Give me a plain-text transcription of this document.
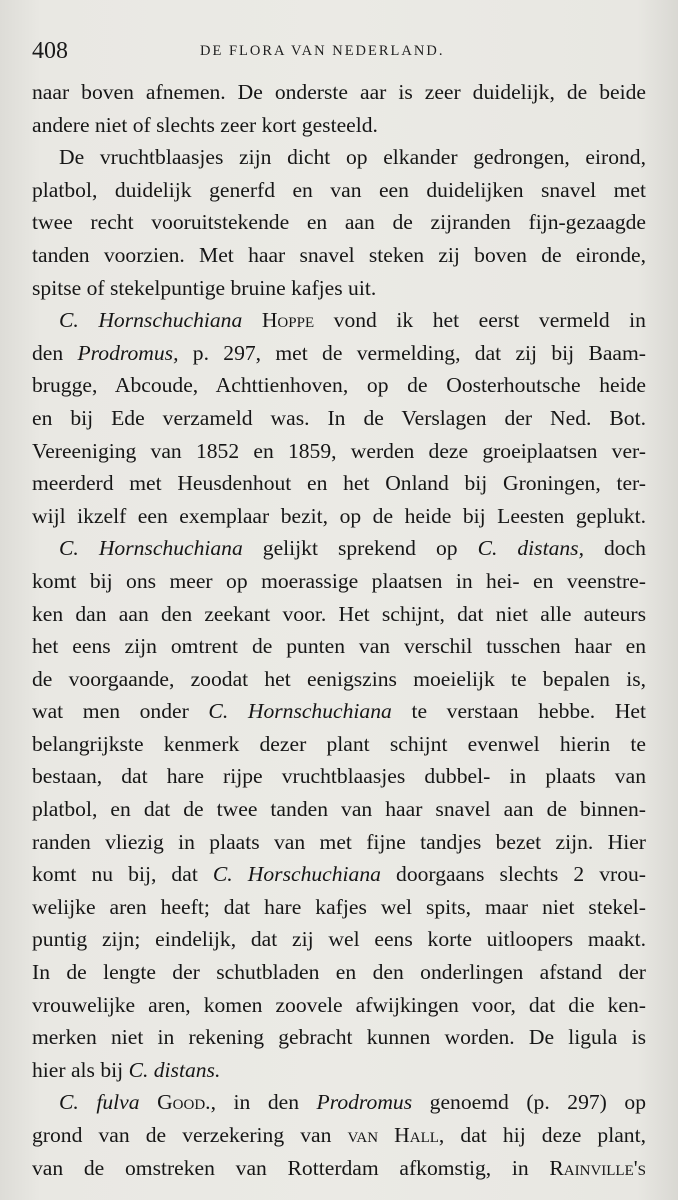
408	DE FLORA VAN NEDERLAND.
naar boven afnemen. De onderste aar is zeer duidelijk, de beide
andere niet of slechts zeer kort gesteeld.
De vruchtblaasjes zijn dicht op elkander gedrongen, eirond,
platbol, duidelijk generfd en van een duidelijken snavel met
twee recht vooruitstekende en aan de zijranden fijn-gezaagde
tanden voorzien. Met haar snavel steken zij boven de eironde,
spitse of stekelpuntige bruine kafjes uit.
C. Hornschuchiana Hoppe vond ik het eerst vermeld in
den Prodromus, p. 297, met de vermelding, dat zij bij Baam-
brugge, Abcoude, Achttienhoven, op de Oosterhoutsche heide
en bij Ede verzameld was. In de Verslagen der Ned. Bot.
Vereeniging van 1852 en 1859, werden deze groeiplaatsen ver-
meerderd met Heusdenhout en het Onland bij Groningen, ter-
wijl ikzelf een exemplaar bezit, op de heide bij Leesten geplukt.
C. Hornschuchiana gelijkt sprekend op C. distans, doch
komt bij ons meer op moerassige plaatsen in hei- en veenstre-
ken dan aan den zeekant voor. Het schijnt, dat niet alle auteurs
het eens zijn omtrent de punten van verschil tusschen haar en
de voorgaande, zoodat het eenigszins moeielijk te bepalen is,
wat men onder C. Hornschuchiana te verstaan hebbe. Het
belangrijkste kenmerk dezer plant schijnt evenwel hierin te
bestaan, dat hare rijpe vruchtblaasjes dubbel- in plaats van
platbol, en dat de twee tanden van haar snavel aan de binnen-
randen vliezig in plaats van met fijne tandjes bezet zijn. Hier
komt nu bij, dat C. Horschuchiana doorgaans slechts 2 vrou-
welijke aren heeft; dat hare kafjes wel spits, maar niet stekel-
puntig zijn; eindelijk, dat zij wel eens korte uitloopers maakt.
In de lengte der schutbladen en den onderlingen afstand der
vrouwelijke aren, komen zoovele afwijkingen voor, dat die ken-
merken niet in rekening gebracht kunnen worden. De ligula is
hier als bij C. distans.
C. fulva Good., in den Prodromus genoemd (p. 297) op
grond van de verzekering van van Hall, dat hij deze plant,
van de omstreken van Rotterdam afkomstig, in Rainville's
